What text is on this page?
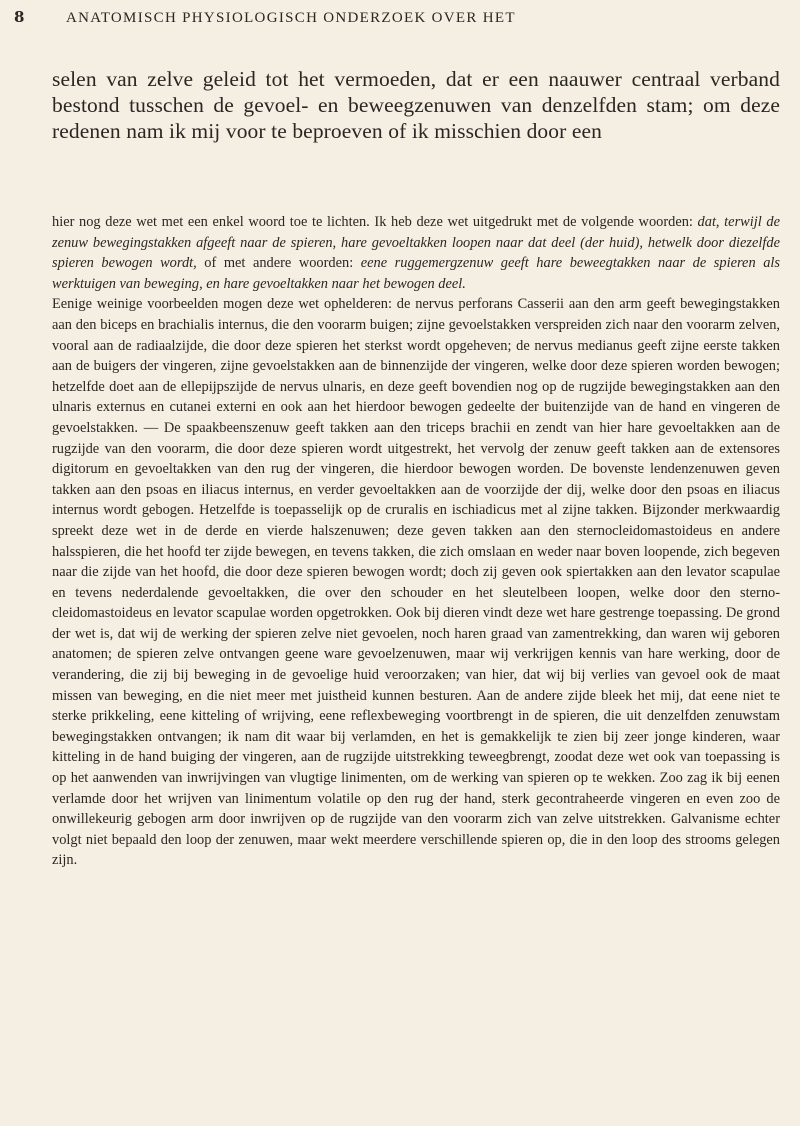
8	ANATOMISCH PHYSIOLOGISCH ONDERZOEK OVER HET

selen van zelve geleid tot het vermoeden, dat er een naauwer centraal verband bestond tusschen de gevoel- en beweegzenuwen van denzelfden stam; om deze redenen nam ik mij voor te beproeven of ik misschien door een

hier nog deze wet met een enkel woord toe te lichten. Ik heb deze wet uitgedrukt met de volgende woorden: dat, terwijl de zenuw bewegingstakken afgeeft naar de spieren, hare gevoeltakken loopen naar dat deel (der huid), hetwelk door diezelfde spieren bewogen wordt, of met andere woorden: eene ruggemergzenuw geeft hare beweegtakken naar de spieren als werktuigen van beweging, en hare gevoeltakken naar het bewogen deel.

Eenige weinige voorbeelden mogen deze wet ophelderen: de nervus perforans Casserii aan den arm geeft bewegingstakken aan den biceps en brachialis internus, die den voorarm buigen; zijne gevoelstakken verspreiden zich naar den voorarm zelven, vooral aan de radiaalzijde, die door deze spieren het sterkst wordt opgeheven; de nervus medianus geeft zijne eerste takken aan de buigers der vingeren, zijne gevoelstakken aan de binnenzijde der vingeren, welke door deze spieren worden bewogen; hetzelfde doet aan de ellepijpszijde de nervus ulnaris, en deze geeft bovendien nog op de rugzijde bewegingstakken aan den ulnaris externus en cutanei externi en ook aan het hierdoor bewogen gedeelte der buitenzijde van de hand en vingeren de gevoelstakken. — De spaakbeenszenuw geeft takken aan den triceps brachii en zendt van hier hare gevoeltakken aan de rugzijde van den voorarm, die door deze spieren wordt uitgestrekt, het vervolg der zenuw geeft takken aan de extensores digitorum en gevoeltakken van den rug der vingeren, die hierdoor bewogen worden. De bovenste lendenzenuwen geven takken aan den psoas en iliacus internus, en verder gevoeltakken aan de voorzijde der dij, welke door den psoas en iliacus internus wordt gebogen. Hetzelfde is toepasselijk op de cruralis en ischiadicus met al zijne takken. Bijzonder merkwaardig spreekt deze wet in de derde en vierde halszenuwen; deze geven takken aan den sternocleidomastoideus en andere halsspieren, die het hoofd ter zijde bewegen, en tevens takken, die zich omslaan en weder naar boven loopende, zich begeven naar die zijde van het hoofd, die door deze spieren bewogen wordt; doch zij geven ook spiertakken aan den levator scapulae en tevens nederdalende gevoeltakken, die over den schouder en het sleutelbeen loopen, welke door den sterno-cleidomastoideus en levator scapulae worden opgetrokken. Ook bij dieren vindt deze wet hare gestrenge toepassing. De grond der wet is, dat wij de werking der spieren zelve niet gevoelen, noch haren graad van zamentrekking, dan waren wij geboren anatomen; de spieren zelve ontvangen geene ware gevoelzenuwen, maar wij verkrijgen kennis van hare werking, door de verandering, die zij bij beweging in de gevoelige huid veroorzaken; van hier, dat wij bij verlies van gevoel ook de maat missen van beweging, en die niet meer met juistheid kunnen besturen. Aan de andere zijde bleek het mij, dat eene niet te sterke prikkeling, eene kitteling of wrijving, eene reflexbeweging voortbrengt in de spieren, die uit denzelfden zenuwstam bewegingstakken ontvangen; ik nam dit waar bij verlamden, en het is gemakkelijk te zien bij zeer jonge kinderen, waar kitteling in de hand buiging der vingeren, aan de rugzijde uitstrekking teweegbrengt, zoodat deze wet ook van toepassing is op het aanwenden van inwrijvingen van vlugtige linimenten, om de werking van spieren op te wekken. Zoo zag ik bij eenen verlamde door het wrijven van linimentum volatile op den rug der hand, sterk gecontraheerde vingeren en even zoo de onwillekeurig gebogen arm door inwrijven op de rugzijde van den voorarm zich van zelve uitstrekken. Galvanisme echter volgt niet bepaald den loop der zenuwen, maar wekt meerdere verschillende spieren op, die in den loop des strooms gelegen zijn.
